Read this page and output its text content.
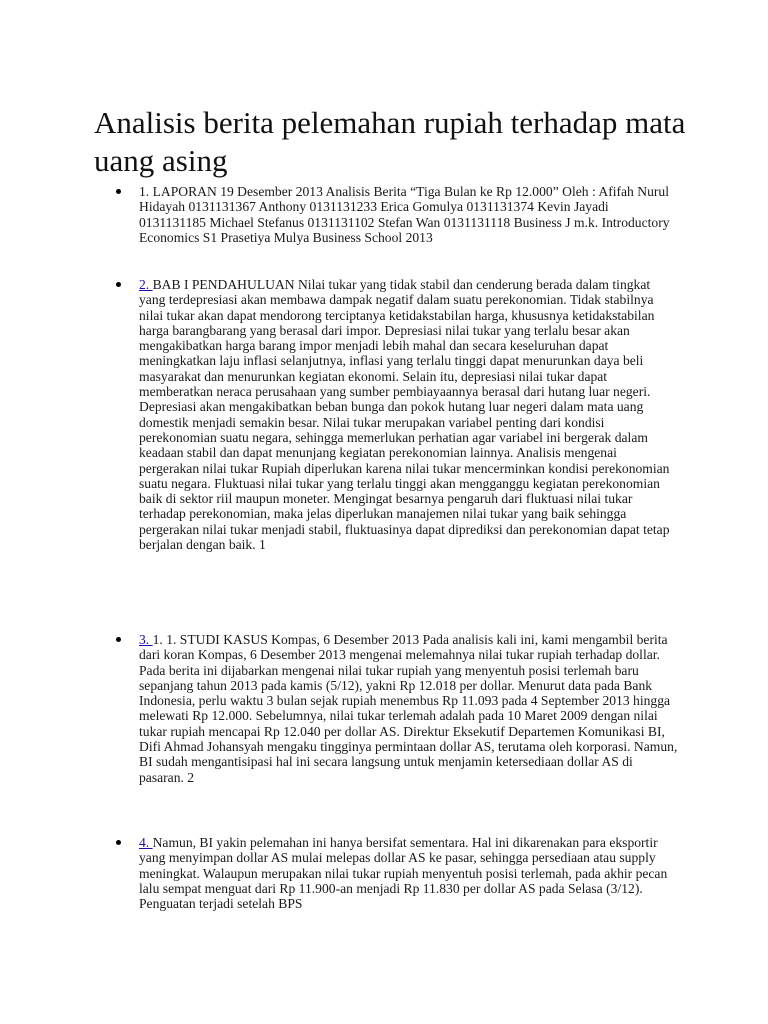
Analisis berita pelemahan rupiah terhadap mata uang asing
1. LAPORAN 19 Desember 2013 Analisis Berita “Tiga Bulan ke Rp 12.000” Oleh : Afifah Nurul Hidayah 0131131367 Anthony 0131131233 Erica Gomulya 0131131374 Kevin Jayadi 0131131185 Michael Stefanus 0131131102 Stefan Wan 0131131118 Business J m.k. Introductory Economics S1 Prasetiya Mulya Business School 2013
2. BAB I PENDAHULUAN Nilai tukar yang tidak stabil dan cenderung berada dalam tingkat yang terdepresiasi akan membawa dampak negatif dalam suatu perekonomian. Tidak stabilnya nilai tukar akan dapat mendorong terciptanya ketidakstabilan harga, khususnya ketidakstabilan harga barangbarang yang berasal dari impor. Depresiasi nilai tukar yang terlalu besar akan mengakibatkan harga barang impor menjadi lebih mahal dan secara keseluruhan dapat meningkatkan laju inflasi selanjutnya, inflasi yang terlalu tinggi dapat menurunkan daya beli masyarakat dan menurunkan kegiatan ekonomi. Selain itu, depresiasi nilai tukar dapat memberatkan neraca perusahaan yang sumber pembiayaannya berasal dari hutang luar negeri. Depresiasi akan mengakibatkan beban bunga dan pokok hutang luar negeri dalam mata uang domestik menjadi semakin besar. Nilai tukar merupakan variabel penting dari kondisi perekonomian suatu negara, sehingga memerlukan perhatian agar variabel ini bergerak dalam keadaan stabil dan dapat menunjang kegiatan perekonomian lainnya. Analisis mengenai pergerakan nilai tukar Rupiah diperlukan karena nilai tukar mencerminkan kondisi perekonomian suatu negara. Fluktuasi nilai tukar yang terlalu tinggi akan mengganggu kegiatan perekonomian baik di sektor riil maupun moneter. Mengingat besarnya pengaruh dari fluktuasi nilai tukar terhadap perekonomian, maka jelas diperlukan manajemen nilai tukar yang baik sehingga pergerakan nilai tukar menjadi stabil, fluktuasinya dapat diprediksi dan perekonomian dapat tetap berjalan dengan baik. 1
3. 1. 1. STUDI KASUS Kompas, 6 Desember 2013 Pada analisis kali ini, kami mengambil berita dari koran Kompas, 6 Desember 2013 mengenai melemahnya nilai tukar rupiah terhadap dollar. Pada berita ini dijabarkan mengenai nilai tukar rupiah yang menyentuh posisi terlemah baru sepanjang tahun 2013 pada kamis (5/12), yakni Rp 12.018 per dollar. Menurut data pada Bank Indonesia, perlu waktu 3 bulan sejak rupiah menembus Rp 11.093 pada 4 September 2013 hingga melewati Rp 12.000. Sebelumnya, nilai tukar terlemah adalah pada 10 Maret 2009 dengan nilai tukar rupiah mencapai Rp 12.040 per dollar AS. Direktur Eksekutif Departemen Komunikasi BI, Difi Ahmad Johansyah mengaku tingginya permintaan dollar AS, terutama oleh korporasi. Namun, BI sudah mengantisipasi hal ini secara langsung untuk menjamin ketersediaan dollar AS di pasaran. 2
4. Namun, BI yakin pelemahan ini hanya bersifat sementara. Hal ini dikarenakan para eksportir yang menyimpan dollar AS mulai melepas dollar AS ke pasar, sehingga persediaan atau supply meningkat. Walaupun merupakan nilai tukar rupiah menyentuh posisi terlemah, pada akhir pecan lalu sempat menguat dari Rp 11.900-an menjadi Rp 11.830 per dollar AS pada Selasa (3/12). Penguatan terjadi setelah BPS
